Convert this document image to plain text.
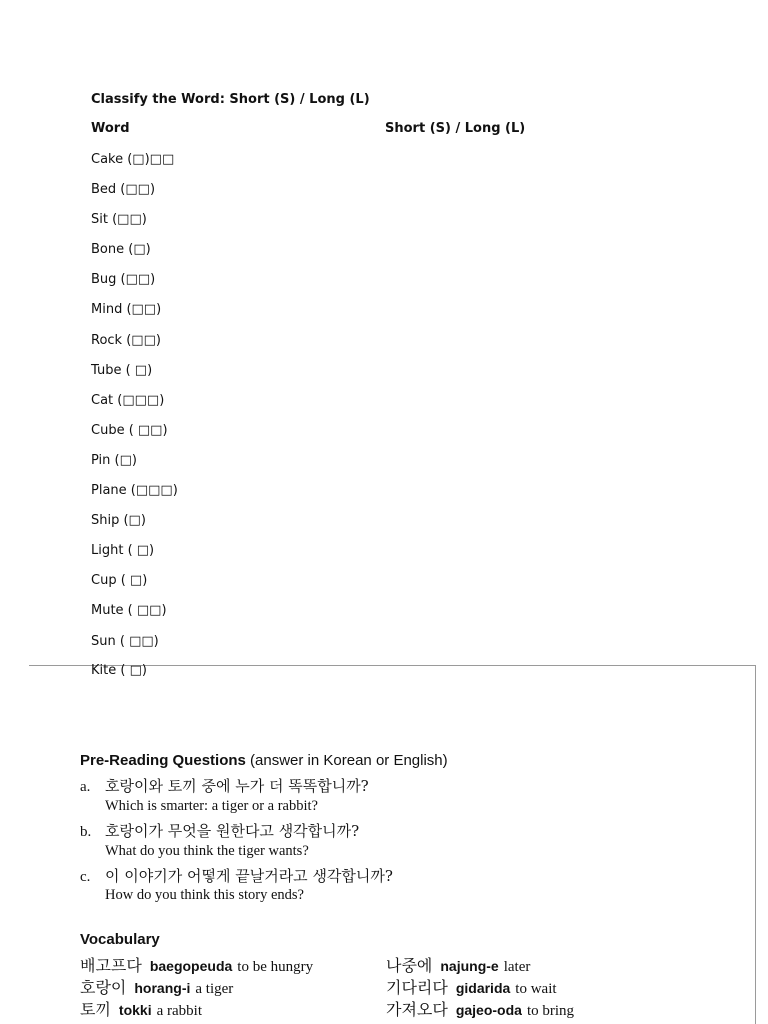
Classify the Word: Short (S) / Long (L)
Word	Short (S) / Long (L)
Cake (□)□□
Bed (□□)
Sit (□□)
Bone (□)
Bug (□□)
Mind (□□)
Rock (□□)
Tube ( □)
Cat (□□□)
Cube ( □□)
Pin (□)
Plane (□□□)
Ship (□)
Light ( □)
Cup ( □)
Mute ( □□)
Sun ( □□)
Kite ( □)
Pre-Reading Questions (answer in Korean or English)
a. 호랑이와 토끼 중에 누가 더 똑똑합니까?
Which is smarter: a tiger or a rabbit?
b. 호랑이가 무엇을 원한다고 생각합니까?
What do you think the tiger wants?
c. 이 이야기가 어떻게 끝날거라고 생각합니까?
How do you think this story ends?
Vocabulary
배고프다 baegopeuda to be hungry
호랑이 horang-i a tiger
토끼 tokki a rabbit
나중에 najung-e later
기다리다 gidarida to wait
가져오다 gajeo-oda to bring
